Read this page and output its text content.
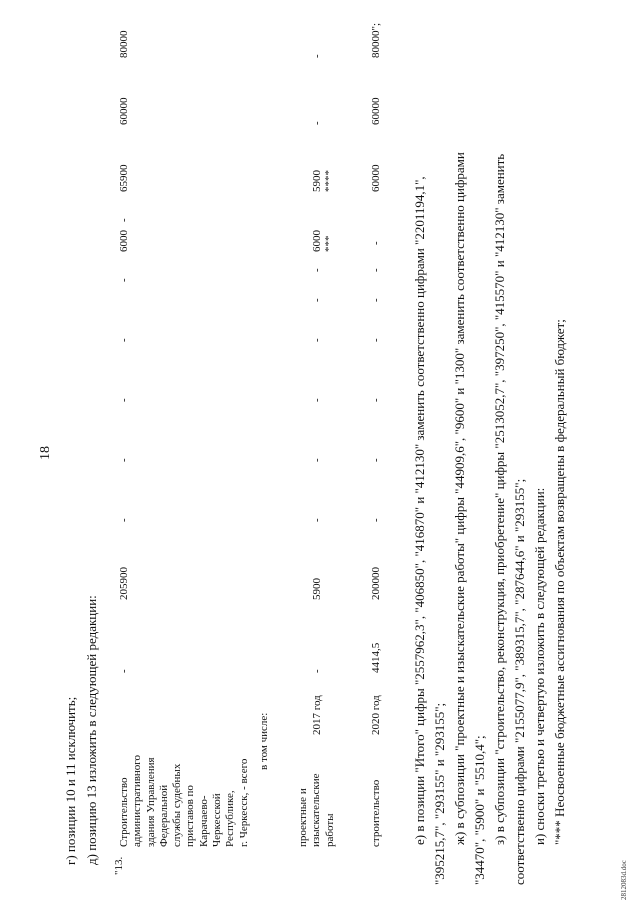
18
г) позиции 10 и 11 исключить; д) позицию 13 изложить в следующей редакции:
"13.
Строительство административного здания Управления Федеральной службы судебных приставов по Карачаево- Черкесской Республике, г. Черкесск, - всего
-
205900
-
-
-
-
-
-
6000
65900
60000
80000
в том числе:
проектные и изыскательские работы
2017 год
-
5900
-
-
-
-
-
-
6000
***
5900
****
-
-
строительство
2020 год
4414,5
200000
-
-
-
-
-
-
-
60000
60000
80000";
е) в позиции "Итого" цифры "2557962,3", "406850", "416870" и "412130" заменить соответственно цифрами "2201194,1", "395215,7", "293155" и "293155"; ж) в субпозиции "проектные и изыскательские работы" цифры "44909,6", "9600" и "1300" заменить соответственно цифрами "34470", "5900" и "5510,4"; з) в субпозиции "строительство, реконструкция, приобретение" цифры "2513052,7", "397250", "415570" и "412130" заменить соответственно цифрами "2155077,9", "389315,7", "287644,6" и "293155"; и) сноски третью и четвертую изложить в следующей редакции: "*** Неосвоенные бюджетные ассигнования по объектам возвращены в федеральный бюджет;
2812083d.doc
